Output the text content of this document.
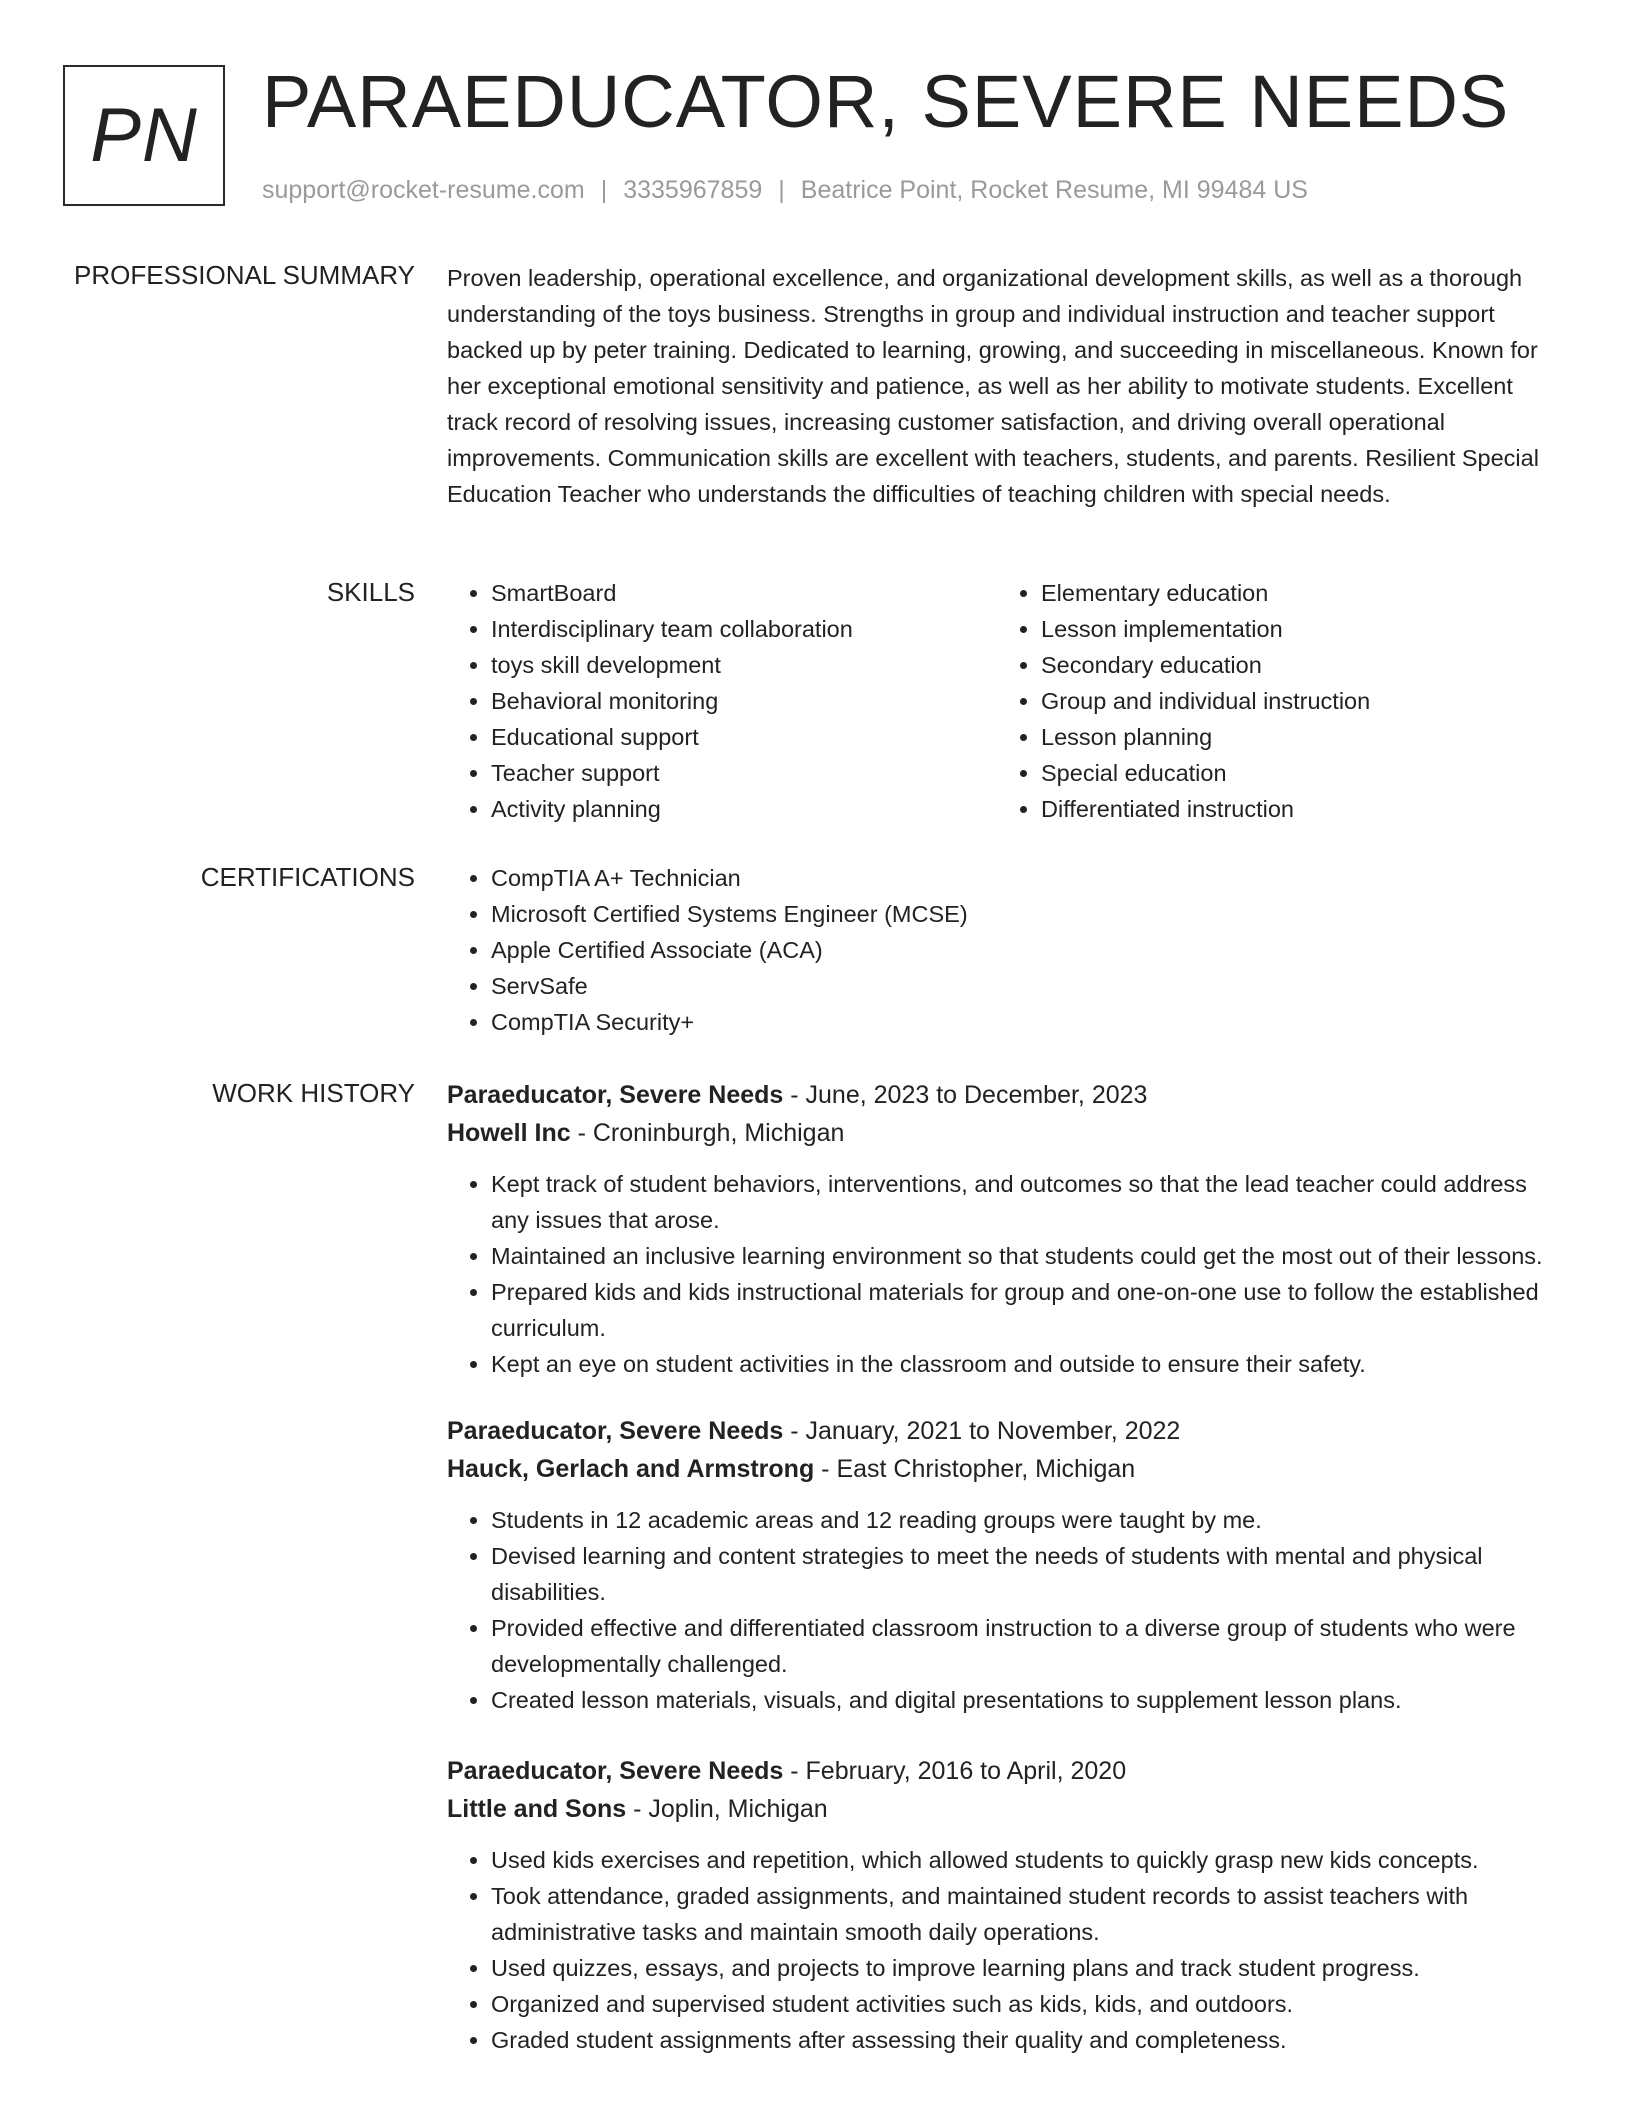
PN PARAEDUCATOR, SEVERE NEEDS
support@rocket-resume.com | 3335967859 | Beatrice Point, Rocket Resume, MI 99484 US
PROFESSIONAL SUMMARY Proven leadership, operational excellence, and organizational development skills, as well as a thorough understanding of the toys business. Strengths in group and individual instruction and teacher support backed up by peter training. Dedicated to learning, growing, and succeeding in miscellaneous. Known for her exceptional emotional sensitivity and patience, as well as her ability to motivate students. Excellent track record of resolving issues, increasing customer satisfaction, and driving overall operational improvements. Communication skills are excellent with teachers, students, and parents. Resilient Special Education Teacher who understands the difficulties of teaching children with special needs.

SKILLS	• SmartBoard
• Interdisciplinary team collaboration
• toys skill development
• Behavioral monitoring
• Educational support
• Teacher support
• Activity planning
• Elementary education
• Lesson implementation
• Secondary education
• Group and individual instruction
• Lesson planning
• Special education
• Differentiated instruction
CERTIFICATIONS	• CompTIA A+ Technician
• Microsoft Certified Systems Engineer (MCSE)
• Apple Certified Associate (ACA)
• ServSafe
• CompTIA Security+
WORK HISTORY Paraeducator, Severe Needs - June, 2023 to December, 2023
Howell Inc - Croninburgh, Michigan
• Kept track of student behaviors, interventions, and outcomes so that the lead teacher could address any issues that arose.
• Maintained an inclusive learning environment so that students could get the most out of their lessons.
• Prepared kids and kids instructional materials for group and one-on-one use to follow the established curriculum.
• Kept an eye on student activities in the classroom and outside to ensure their safety.
Paraeducator, Severe Needs - January, 2021 to November, 2022
Hauck, Gerlach and Armstrong - East Christopher, Michigan
• Students in 12 academic areas and 12 reading groups were taught by me.
• Devised learning and content strategies to meet the needs of students with mental and physical disabilities.
• Provided effective and differentiated classroom instruction to a diverse group of students who were developmentally challenged.
• Created lesson materials, visuals, and digital presentations to supplement lesson plans.
Paraeducator, Severe Needs - February, 2016 to April, 2020
Little and Sons - Joplin, Michigan
• Used kids exercises and repetition, which allowed students to quickly grasp new kids concepts.
• Took attendance, graded assignments, and maintained student records to assist teachers with administrative tasks and maintain smooth daily operations.
• Used quizzes, essays, and projects to improve learning plans and track student progress.
• Organized and supervised student activities such as kids, kids, and outdoors.
• Graded student assignments after assessing their quality and completeness.
